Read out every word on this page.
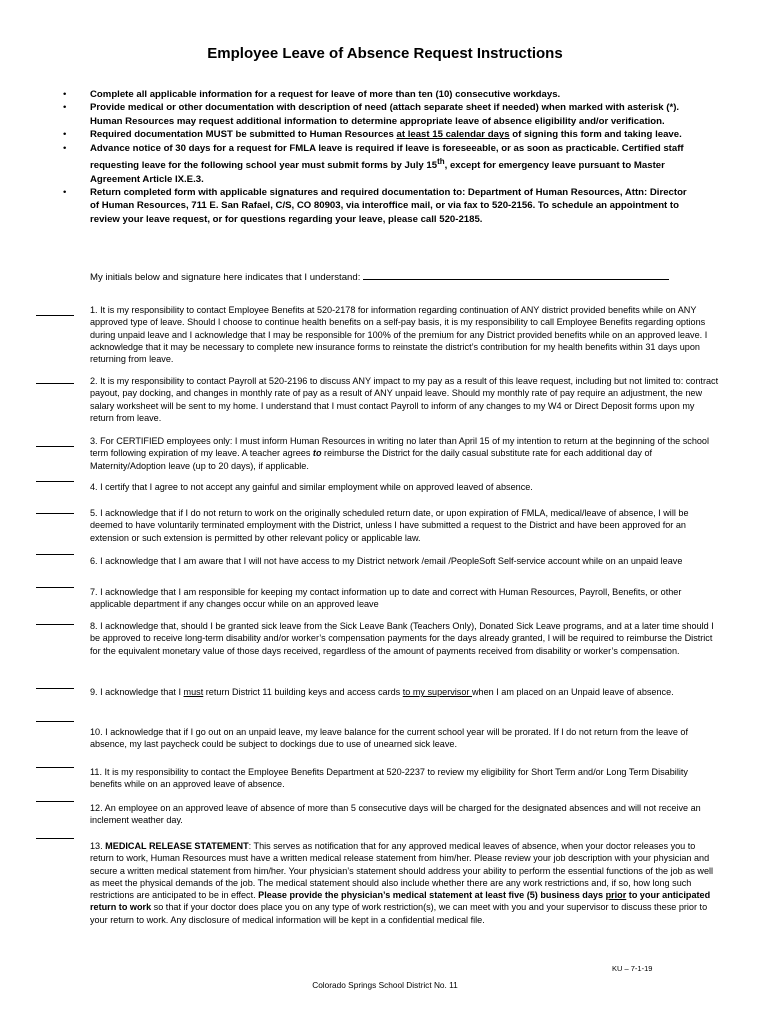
Employee Leave of Absence Request Instructions
• Complete all applicable information for a request for leave of more than ten (10) consecutive workdays.
• Provide medical or other documentation with description of need (attach separate sheet if needed) when marked with asterisk (*). Human Resources may request additional information to determine appropriate leave of absence eligibility and/or verification.
• Required documentation MUST be submitted to Human Resources at least 15 calendar days of signing this form and taking leave.
• Advance notice of 30 days for a request for FMLA leave is required if leave is foreseeable, or as soon as practicable. Certified staff requesting leave for the following school year must submit forms by July 15th, except for emergency leave pursuant to Master Agreement Article IX.E.3.
• Return completed form with applicable signatures and required documentation to: Department of Human Resources, Attn: Director of Human Resources, 711 E. San Rafael, C/S, CO 80903, via interoffice mail, or via fax to 520-2156. To schedule an appointment to review your leave request, or for questions regarding your leave, please call 520-2185.
My initials below and signature here indicates that I understand:
1. It is my responsibility to contact Employee Benefits at 520-2178 for information regarding continuation of ANY district provided benefits while on ANY approved type of leave. Should I choose to continue health benefits on a self-pay basis, it is my responsibility to call Employee Benefits regarding options during unpaid leave and I acknowledge that I may be responsible for 100% of the premium for any District provided benefits while on an approved leave. I acknowledge that it may be necessary to complete new insurance forms to reinstate the district’s contribution for my health benefits within 31 days upon returning from leave.
2. It is my responsibility to contact Payroll at 520-2196 to discuss ANY impact to my pay as a result of this leave request, including but not limited to: contract payout, pay docking, and changes in monthly rate of pay as a result of ANY unpaid leave. Should my monthly rate of pay require an adjustment, the new salary worksheet will be sent to my home. I understand that I must contact Payroll to inform of any changes to my W4 or Direct Deposit forms upon my return from leave.
3. For CERTIFIED employees only: I must inform Human Resources in writing no later than April 15 of my intention to return at the beginning of the school term following expiration of my leave. A teacher agrees to reimburse the District for the daily casual substitute rate for each additional day of Maternity/Adoption leave (up to 20 days), if applicable.
4. I certify that I agree to not accept any gainful and similar employment while on approved leaved of absence.
5. I acknowledge that if I do not return to work on the originally scheduled return date, or upon expiration of FMLA, medical/leave of absence, I will be deemed to have voluntarily terminated employment with the District, unless I have submitted a request to the District and have been approved for an extension or such extension is permitted by other relevant policy or applicable law.
6. I acknowledge that I am aware that I will not have access to my District network /email /PeopleSoft Self-service account while on an unpaid leave
7. I acknowledge that I am responsible for keeping my contact information up to date and correct with Human Resources, Payroll, Benefits, or other applicable department if any changes occur while on an approved leave
8. I acknowledge that, should I be granted sick leave from the Sick Leave Bank (Teachers Only), Donated Sick Leave programs, and at a later time should I be approved to receive long-term disability and/or worker’s compensation payments for the days already granted, I will be required to reimburse the District for the equivalent monetary value of those days received, regardless of the amount of payments received from disability or worker’s compensation.
9. I acknowledge that I must return District 11 building keys and access cards to my supervisor when I am placed on an Unpaid leave of absence.
10. I acknowledge that if I go out on an unpaid leave, my leave balance for the current school year will be prorated. If I do not return from the leave of absence, my last paycheck could be subject to dockings due to use of unearned sick leave.
11. It is my responsibility to contact the Employee Benefits Department at 520-2237 to review my eligibility for Short Term and/or Long Term Disability benefits while on an approved leave of absence.
12. An employee on an approved leave of absence of more than 5 consecutive days will be charged for the designated absences and will not receive an inclement weather day.
13. MEDICAL RELEASE STATEMENT: This serves as notification that for any approved medical leaves of absence, when your doctor releases you to return to work, Human Resources must have a written medical release statement from him/her. Please review your job description with your physician and secure a written medical statement from him/her. Your physician’s statement should address your ability to perform the essential functions of the job as well as meet the physical demands of the job. The medical statement should also include whether there are any work restrictions and, if so, how long such restrictions are anticipated to be in effect. Please provide the physician’s medical statement at least five (5) business days prior to your anticipated return to work so that if your doctor does place you on any type of work restriction(s), we can meet with you and your supervisor to discuss these prior to your return to work. Any disclosure of medical information will be kept in a confidential medical file.
KU – 7-1-19
Colorado Springs School District No. 11
